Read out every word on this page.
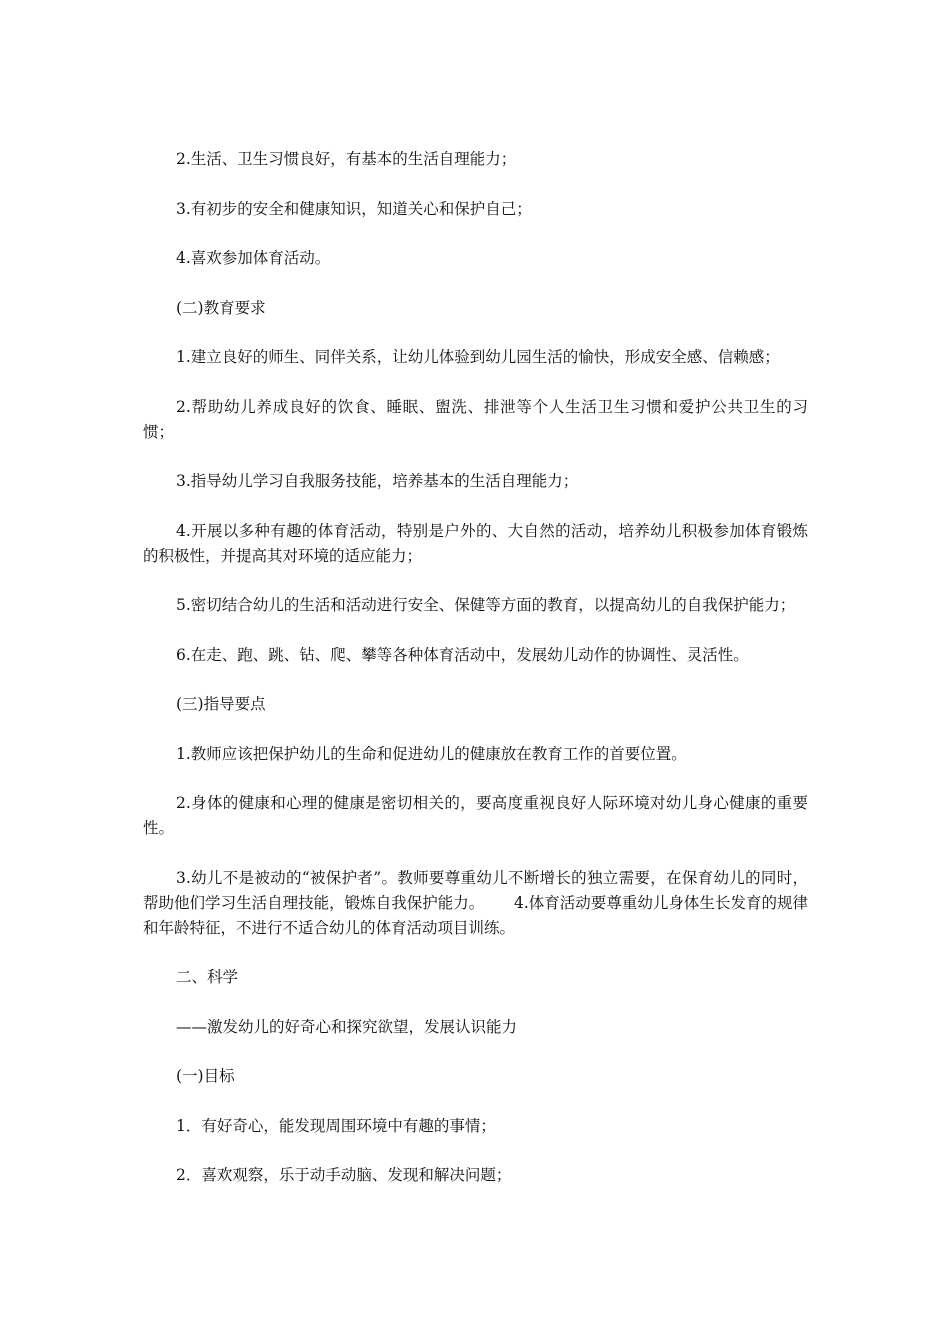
2.生活、卫生习惯良好，有基本的生活自理能力；

3.有初步的安全和健康知识，知道关心和保护自己；

4.喜欢参加体育活动。

(二)教育要求

1.建立良好的师生、同伴关系，让幼儿体验到幼儿园生活的愉快，形成安全感、信赖感；

2.帮助幼儿养成良好的饮食、睡眠、盥洗、排泄等个人生活卫生习惯和爱护公共卫生的习惯；

3.指导幼儿学习自我服务技能，培养基本的生活自理能力；

4.开展以多种有趣的体育活动，特别是户外的、大自然的活动，培养幼儿积极参加体育锻炼的积极性，并提高其对环境的适应能力；

5.密切结合幼儿的生活和活动进行安全、保健等方面的教育，以提高幼儿的自我保护能力；

6.在走、跑、跳、钻、爬、攀等各种体育活动中，发展幼儿动作的协调性、灵活性。

(三)指导要点

1.教师应该把保护幼儿的生命和促进幼儿的健康放在教育工作的首要位置。

2.身体的健康和心理的健康是密切相关的，要高度重视良好人际环境对幼儿身心健康的重要性。

3.幼儿不是被动的“被保护者”。教师要尊重幼儿不断增长的独立需要，在保育幼儿的同时，帮助他们学习生活自理技能，锻炼自我保护能力。      4.体育活动要尊重幼儿身体生长发育的规律和年龄特征，不进行不适合幼儿的体育活动项目训练。

二、科学

——激发幼儿的好奇心和探究欲望，发展认识能力

(一)目标

1．有好奇心，能发现周围环境中有趣的事情；

2．喜欢观察，乐于动手动脑、发现和解决问题；
